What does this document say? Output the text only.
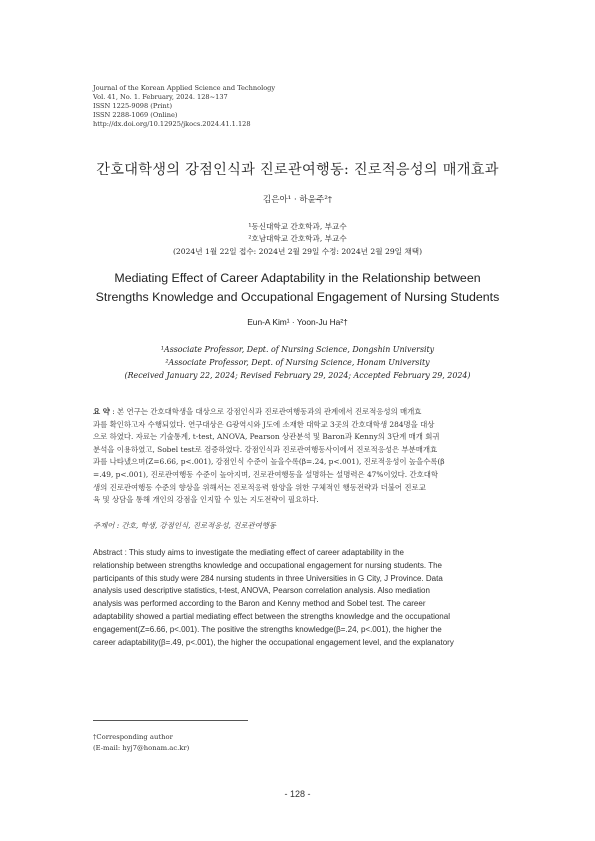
Journal of the Korean Applied Science and Technology
Vol. 41, No. 1. February, 2024. 128~137
ISSN 1225-9098 (Print)
ISSN 2288-1069 (Online)
http://dx.doi.org/10.12925/jkocs.2024.41.1.128
간호대학생의 강점인식과 진로관여행동: 진로적응성의 매개효과
김은아¹ · 하윤주²†
¹동신대학교 간호학과, 부교수
²호남대학교 간호학과, 부교수
(2024년 1월 22일 접수: 2024년 2월 29일 수정: 2024년 2월 29일 채택)
Mediating Effect of Career Adaptability in the Relationship between
Strengths Knowledge and Occupational Engagement of Nursing Students
Eun-A Kim¹ · Yoon-Ju Ha²†
¹Associate Professor, Dept. of Nursing Science, Dongshin University
²Associate Professor, Dept. of Nursing Science, Honam University
(Received January 22, 2024; Revised February 29, 2024; Accepted February 29, 2024)
요 약 : 본 연구는 간호대학생을 대상으로 강점인식과 진로관여행동과의 관계에서 진로적응성의 매개효
과를 확인하고자 수행되었다. 연구대상은 G광역시와 J도에 소재한 대학교 3곳의 간호대학생 284명을 대상
으로 하였다. 자료는 기술통계, t-test, ANOVA, Pearson 상관분석 및 Baron과 Kenny의 3단계 매개 회귀
분석을 이용하였고, Sobel test로 검증하였다. 강점인식과 진로관여행동사이에서 진로적응성은 부분매개효
과를 나타냈으며(Z=6.66, p<.001), 강점인식 수준이 높을수록(β=.24, p<.001), 진로적응성이 높을수록(β
=.49, p<.001), 진로관여행동 수준이 높아지며, 진로관여행동을 설명하는 설명력은 47%이었다. 간호대학
생의 진로관여행동 수준의 향상을 위해서는 진로적응력 함양을 위한 구체적인 행동전략과 더불어 진로교
육 및 상담을 통해 개인의 강점을 인지할 수 있는 지도전략이 필요하다.
주제어 : 간호, 학생, 강점인식, 진로적응성, 진로관여행동
Abstract : This study aims to investigate the mediating effect of career adaptability in the
relationship between strengths knowledge and occupational engagement for nursing students. The
participants of this study were 284 nursing students in three Universities in G City, J Province. Data
analysis used descriptive statistics, t-test, ANOVA, Pearson correlation analysis. Also mediation
analysis was performed according to the Baron and Kenny method and Sobel test. The career
adaptability showed a partial mediating effect between the strengths knowledge and the occupational
engagement(Z=6.66, p<.001). The positive the strengths knowledge(β=.24, p<.001), the higher the
career adaptability(β=.49, p<.001), the higher the occupational engagement level, and the explanatory
†Corresponding author
(E-mail: hyj7@honam.ac.kr)
- 128 -
